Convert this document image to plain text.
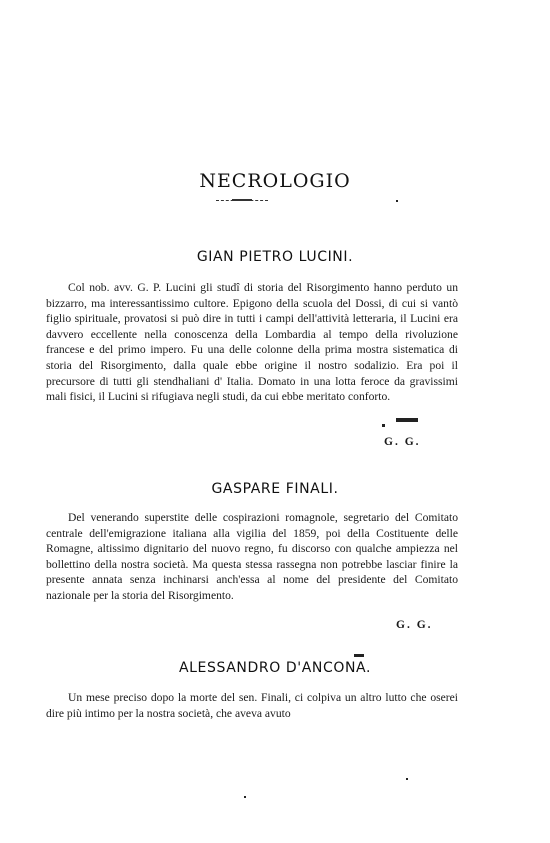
NECROLOGIO
GIAN PIETRO LUCINI.

Col nob. avv. G. P. Lucini gli studî di storia del Risorgimento hanno perduto un bizzarro, ma interessantissimo cultore. Epigono della scuola del Dossi, di cui si vantò figlio spirituale, provatosi si può dire in tutti i campi dell'attività letteraria, il Lucini era davvero eccellente nella conoscenza della Lombardia al tempo della rivoluzione francese e del primo impero. Fu una delle colonne della prima mostra sistematica di storia del Risorgimento, dalla quale ebbe origine il nostro sodalizio. Era poi il precursore di tutti gli stendhaliani d' Italia. Domato in una lotta feroce da gravissimi mali fisici, il Lucini si rifugiava negli studi, da cui ebbe meritato conforto.

G. G.
GASPARE FINALI.

Del venerando superstite delle cospirazioni romagnole, segretario del Comitato centrale dell'emigrazione italiana alla vigilia del 1859, poi della Costituente delle Romagne, altissimo dignitario del nuovo regno, fu discorso con qualche ampiezza nel bollettino della nostra società. Ma questa stessa rassegna non potrebbe lasciar finire la presente annata senza inchinarsi anch'essa al nome del presidente del Comitato nazionale per la storia del Risorgimento.

G. G.
ALESSANDRO D'ANCONA.

Un mese preciso dopo la morte del sen. Finali, ci colpiva un altro lutto che oserei dire più intimo per la nostra società, che aveva avuto
